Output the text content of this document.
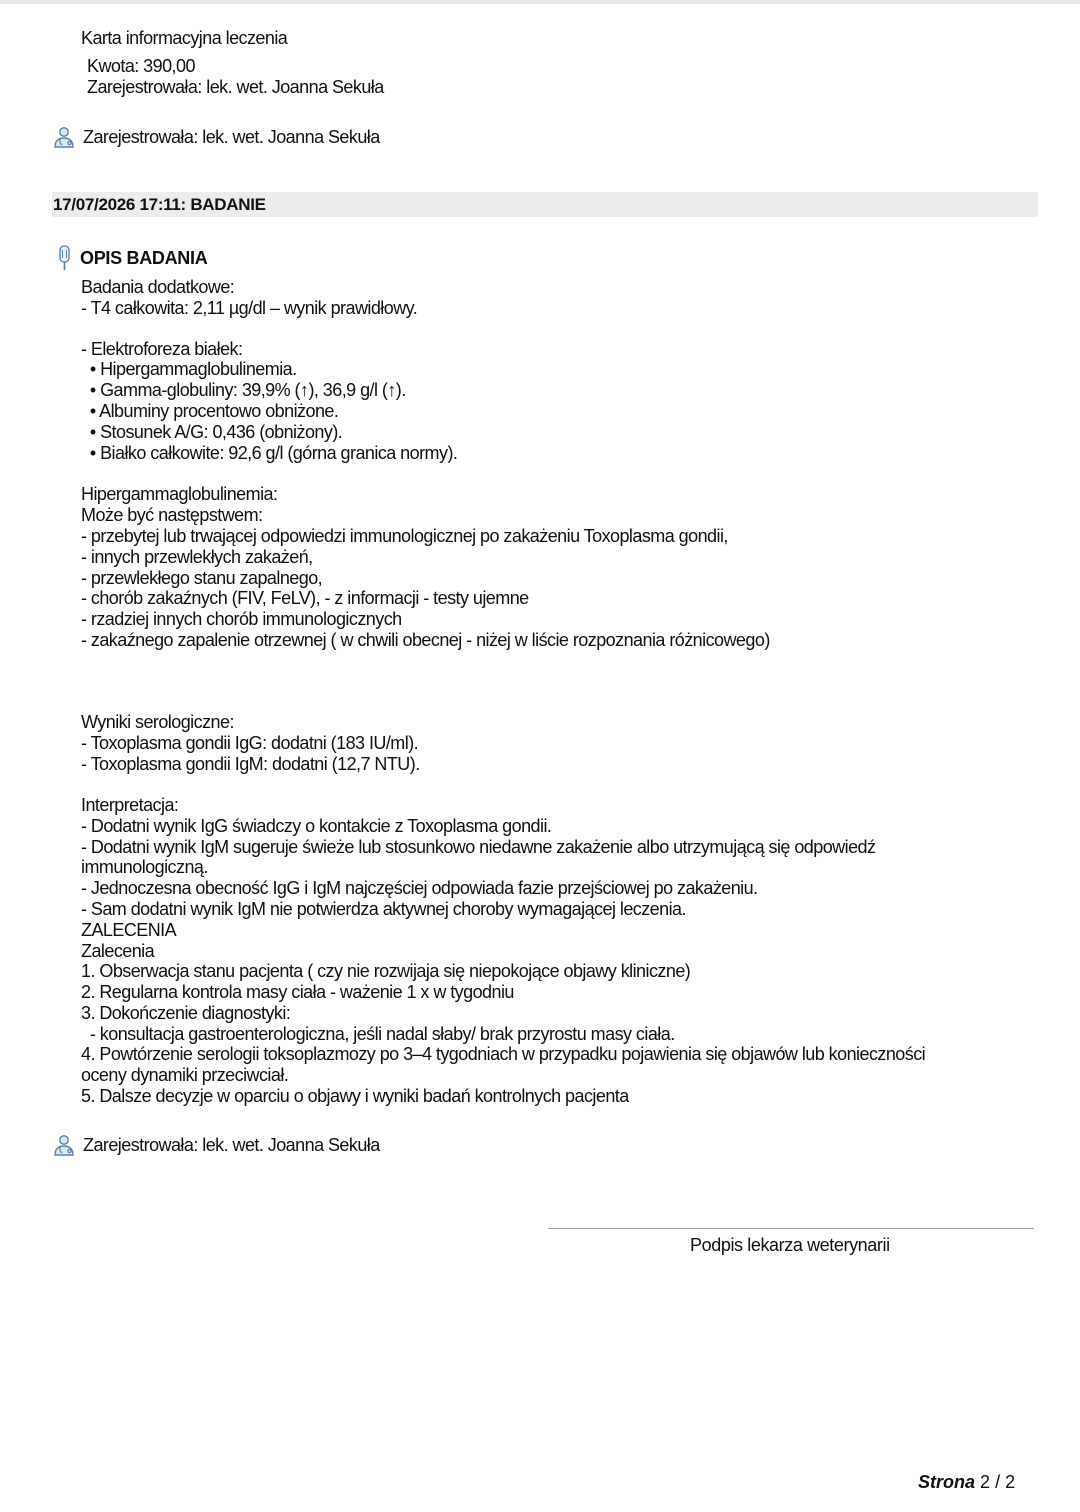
Karta informacyjna leczenia
Kwota: 390,00
Zarejestrowała: lek. wet. Joanna Sekuła
Zarejestrowała: lek. wet. Joanna Sekuła
17/07/2026 17:11: BADANIE
OPIS BADANIA
Badania dodatkowe:
- T4 całkowita: 2,11 µg/dl – wynik prawidłowy.
- Elektroforeza białek:
• Hipergammaglobulinemia.
• Gamma-globuliny: 39,9% (↑), 36,9 g/l (↑).
• Albuminy procentowo obniżone.
• Stosunek A/G: 0,436 (obniżony).
• Białko całkowite: 92,6 g/l (górna granica normy).
Hipergammaglobulinemia:
Może być następstwem:
- przebytej lub trwającej odpowiedzi immunologicznej po zakażeniu Toxoplasma gondii,
- innych przewlekłych zakażeń,
- przewlekłego stanu zapalnego,
- chorób zakaźnych (FIV, FeLV), - z informacji - testy ujemne
- rzadziej innych chorób immunologicznych
- zakaźnego zapalenie otrzewnej ( w chwili obecnej - niżej w liście rozpoznania różnicowego)
Wyniki serologiczne:
- Toxoplasma gondii IgG: dodatni (183 IU/ml).
- Toxoplasma gondii IgM: dodatni (12,7 NTU).
Interpretacja:
- Dodatni wynik IgG świadczy o kontakcie z Toxoplasma gondii.
- Dodatni wynik IgM sugeruje świeże lub stosunkowo niedawne zakażenie albo utrzymującą się odpowiedź
immunologiczną.
- Jednoczesna obecność IgG i IgM najczęściej odpowiada fazie przejściowej po zakażeniu.
- Sam dodatni wynik IgM nie potwierdza aktywnej choroby wymagającej leczenia.
ZALECENIA
Zalecenia
1. Obserwacja stanu pacjenta ( czy nie rozwijaja się niepokojące objawy kliniczne)
2. Regularna kontrola masy ciała - ważenie 1 x w tygodniu
3. Dokończenie diagnostyki:
- konsultacja gastroenterologiczna, jeśli nadal słaby/ brak przyrostu masy ciała.
4. Powtórzenie serologii toksoplazmozy po 3–4 tygodniach w przypadku pojawienia się objawów lub konieczności
oceny dynamiki przeciwciał.
5. Dalsze decyzje w oparciu o objawy i wyniki badań kontrolnych pacjenta
Zarejestrowała: lek. wet. Joanna Sekuła
Podpis lekarza weterynarii
Strona 2 / 2
